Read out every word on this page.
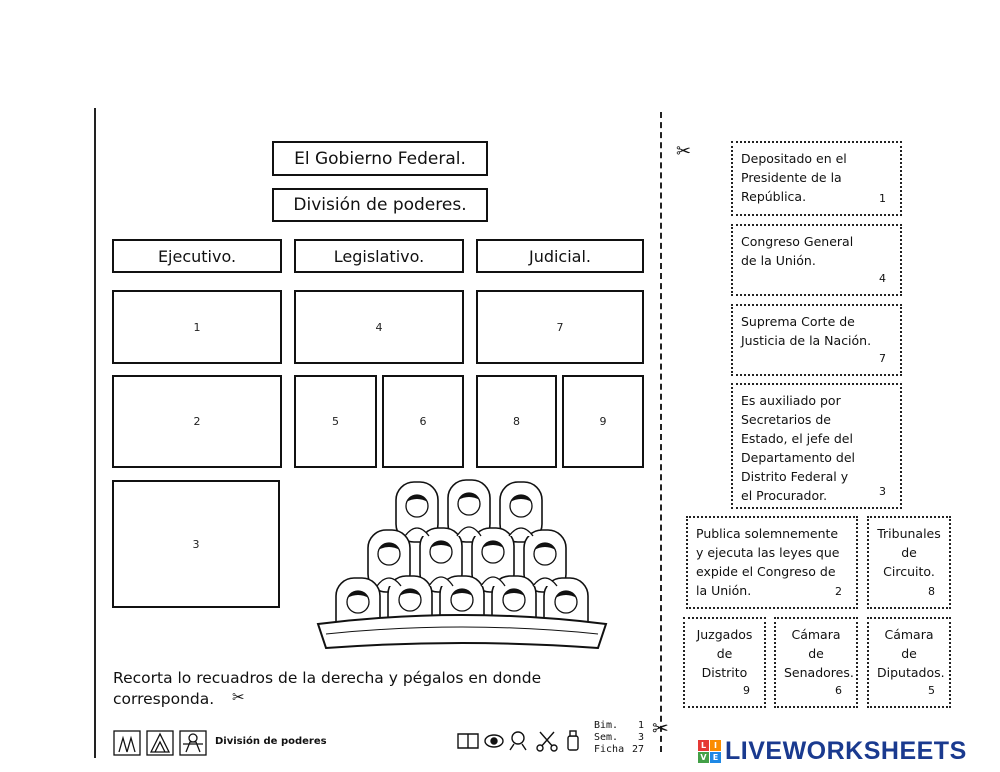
El Gobierno Federal.
División de poderes.
Ejecutivo.	Legislativo.	Judicial.
1
2
3
4
5	6
7
8	9
Recorta lo recuadros de la derecha y pégalos en donde
corresponda.
✂
✂
✂
Depositado en el
Presidente de la
República.	1
Congreso General
de la Unión.
4
Suprema Corte de
Justicia de la Nación.
7
Es auxiliado por
Secretarios de
Estado, el jefe del
Departamento del
Distrito Federal y
el Procurador.	3
Publica solemnemente
y ejecuta las leyes que
expide el Congreso de
la Unión.	2
Tribunales
de
Circuito.
8
Juzgados
de
Distrito
9
Cámara
de
Senadores.
6
Cámara
de
Diputados.
5
División de poderes
Bim.
Sem.
Ficha
1
3
27	L I
V E LIVEWORKSHEETS
